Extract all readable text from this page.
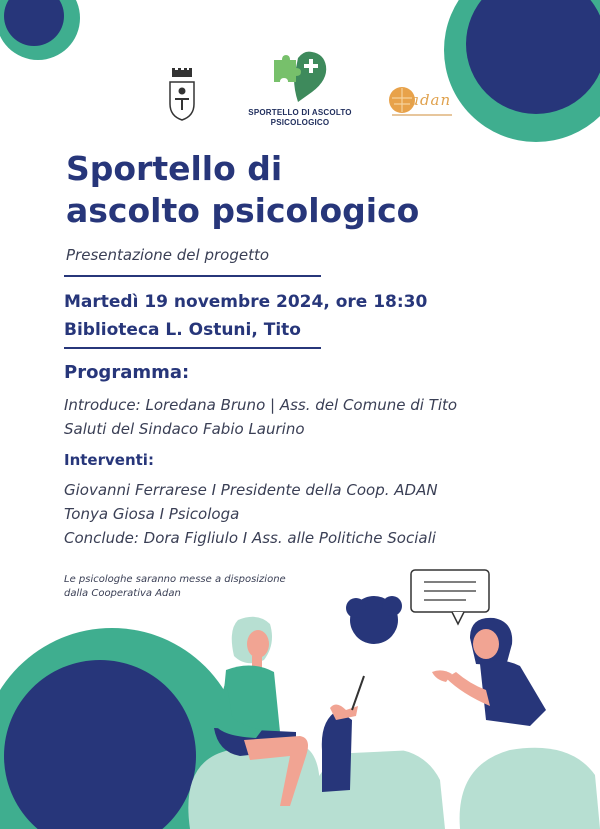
SPORTELLO DI ASCOLTO
PSICOLOGICO
adan
Sportello di
ascolto psicologico
Presentazione del progetto
Martedì 19 novembre 2024, ore 18:30
Biblioteca L. Ostuni, Tito
Programma:
Introduce: Loredana Bruno | Ass. del Comune di Tito
Saluti del Sindaco Fabio Laurino
Interventi:
Giovanni Ferrarese I Presidente della Coop. ADAN
Tonya Giosa I Psicologa
Conclude: Dora Figliulo I Ass. alle Politiche Sociali
Le psicologhe saranno messe a disposizione
dalla Cooperativa Adan
